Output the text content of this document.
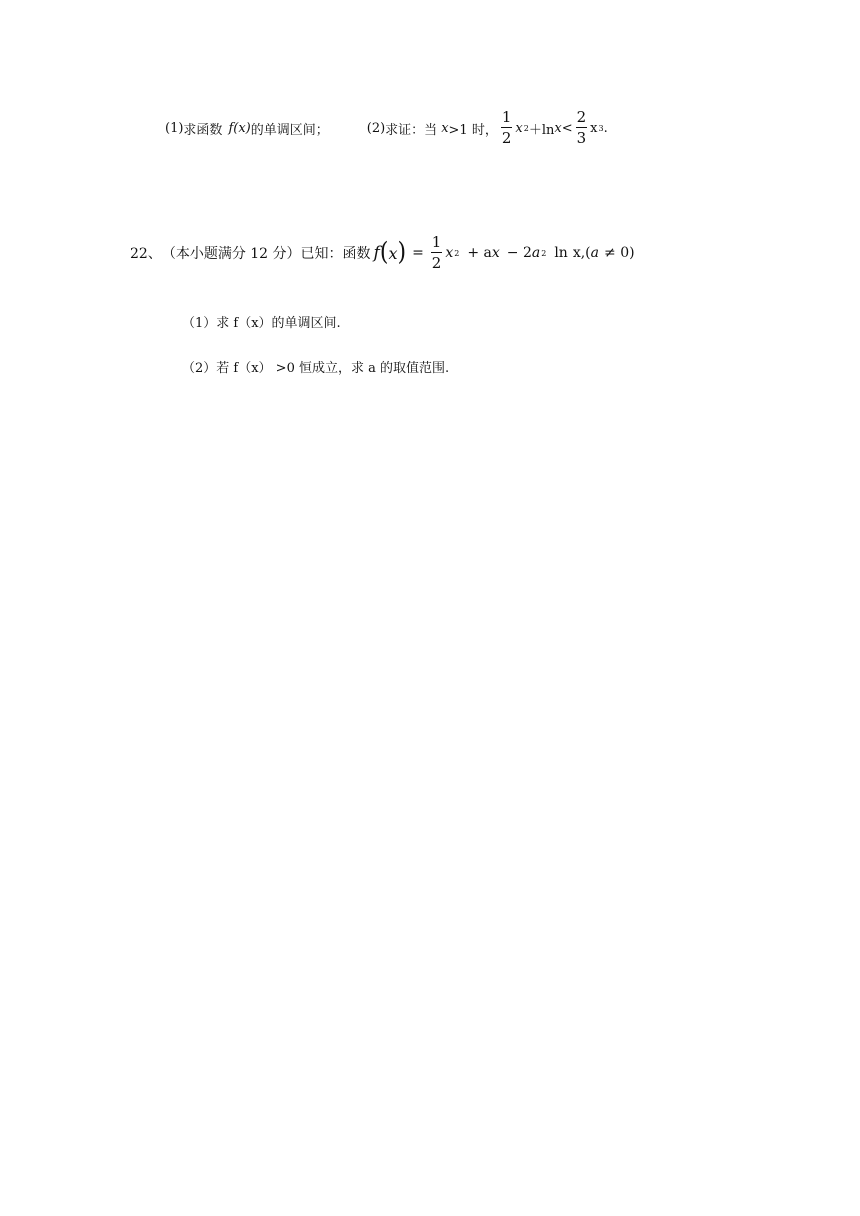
(1) 求函数 f(x) 的单调区间；	(2) 求证：当 x >1 时， $\frac{1}{2}$ x 2 ＋ln $x < \frac{2}{3}$ x 3 .
22、 （本小题满分 12 分）已知：函数 f ( x ) = $\frac{1}{2}$ x 2 + a x − 2 a 2 ln x ,( a ≠ 0)
（1）求 f（x）的单调区间.
（2）若 f（x） >0 恒成立，求 a 的取值范围.
